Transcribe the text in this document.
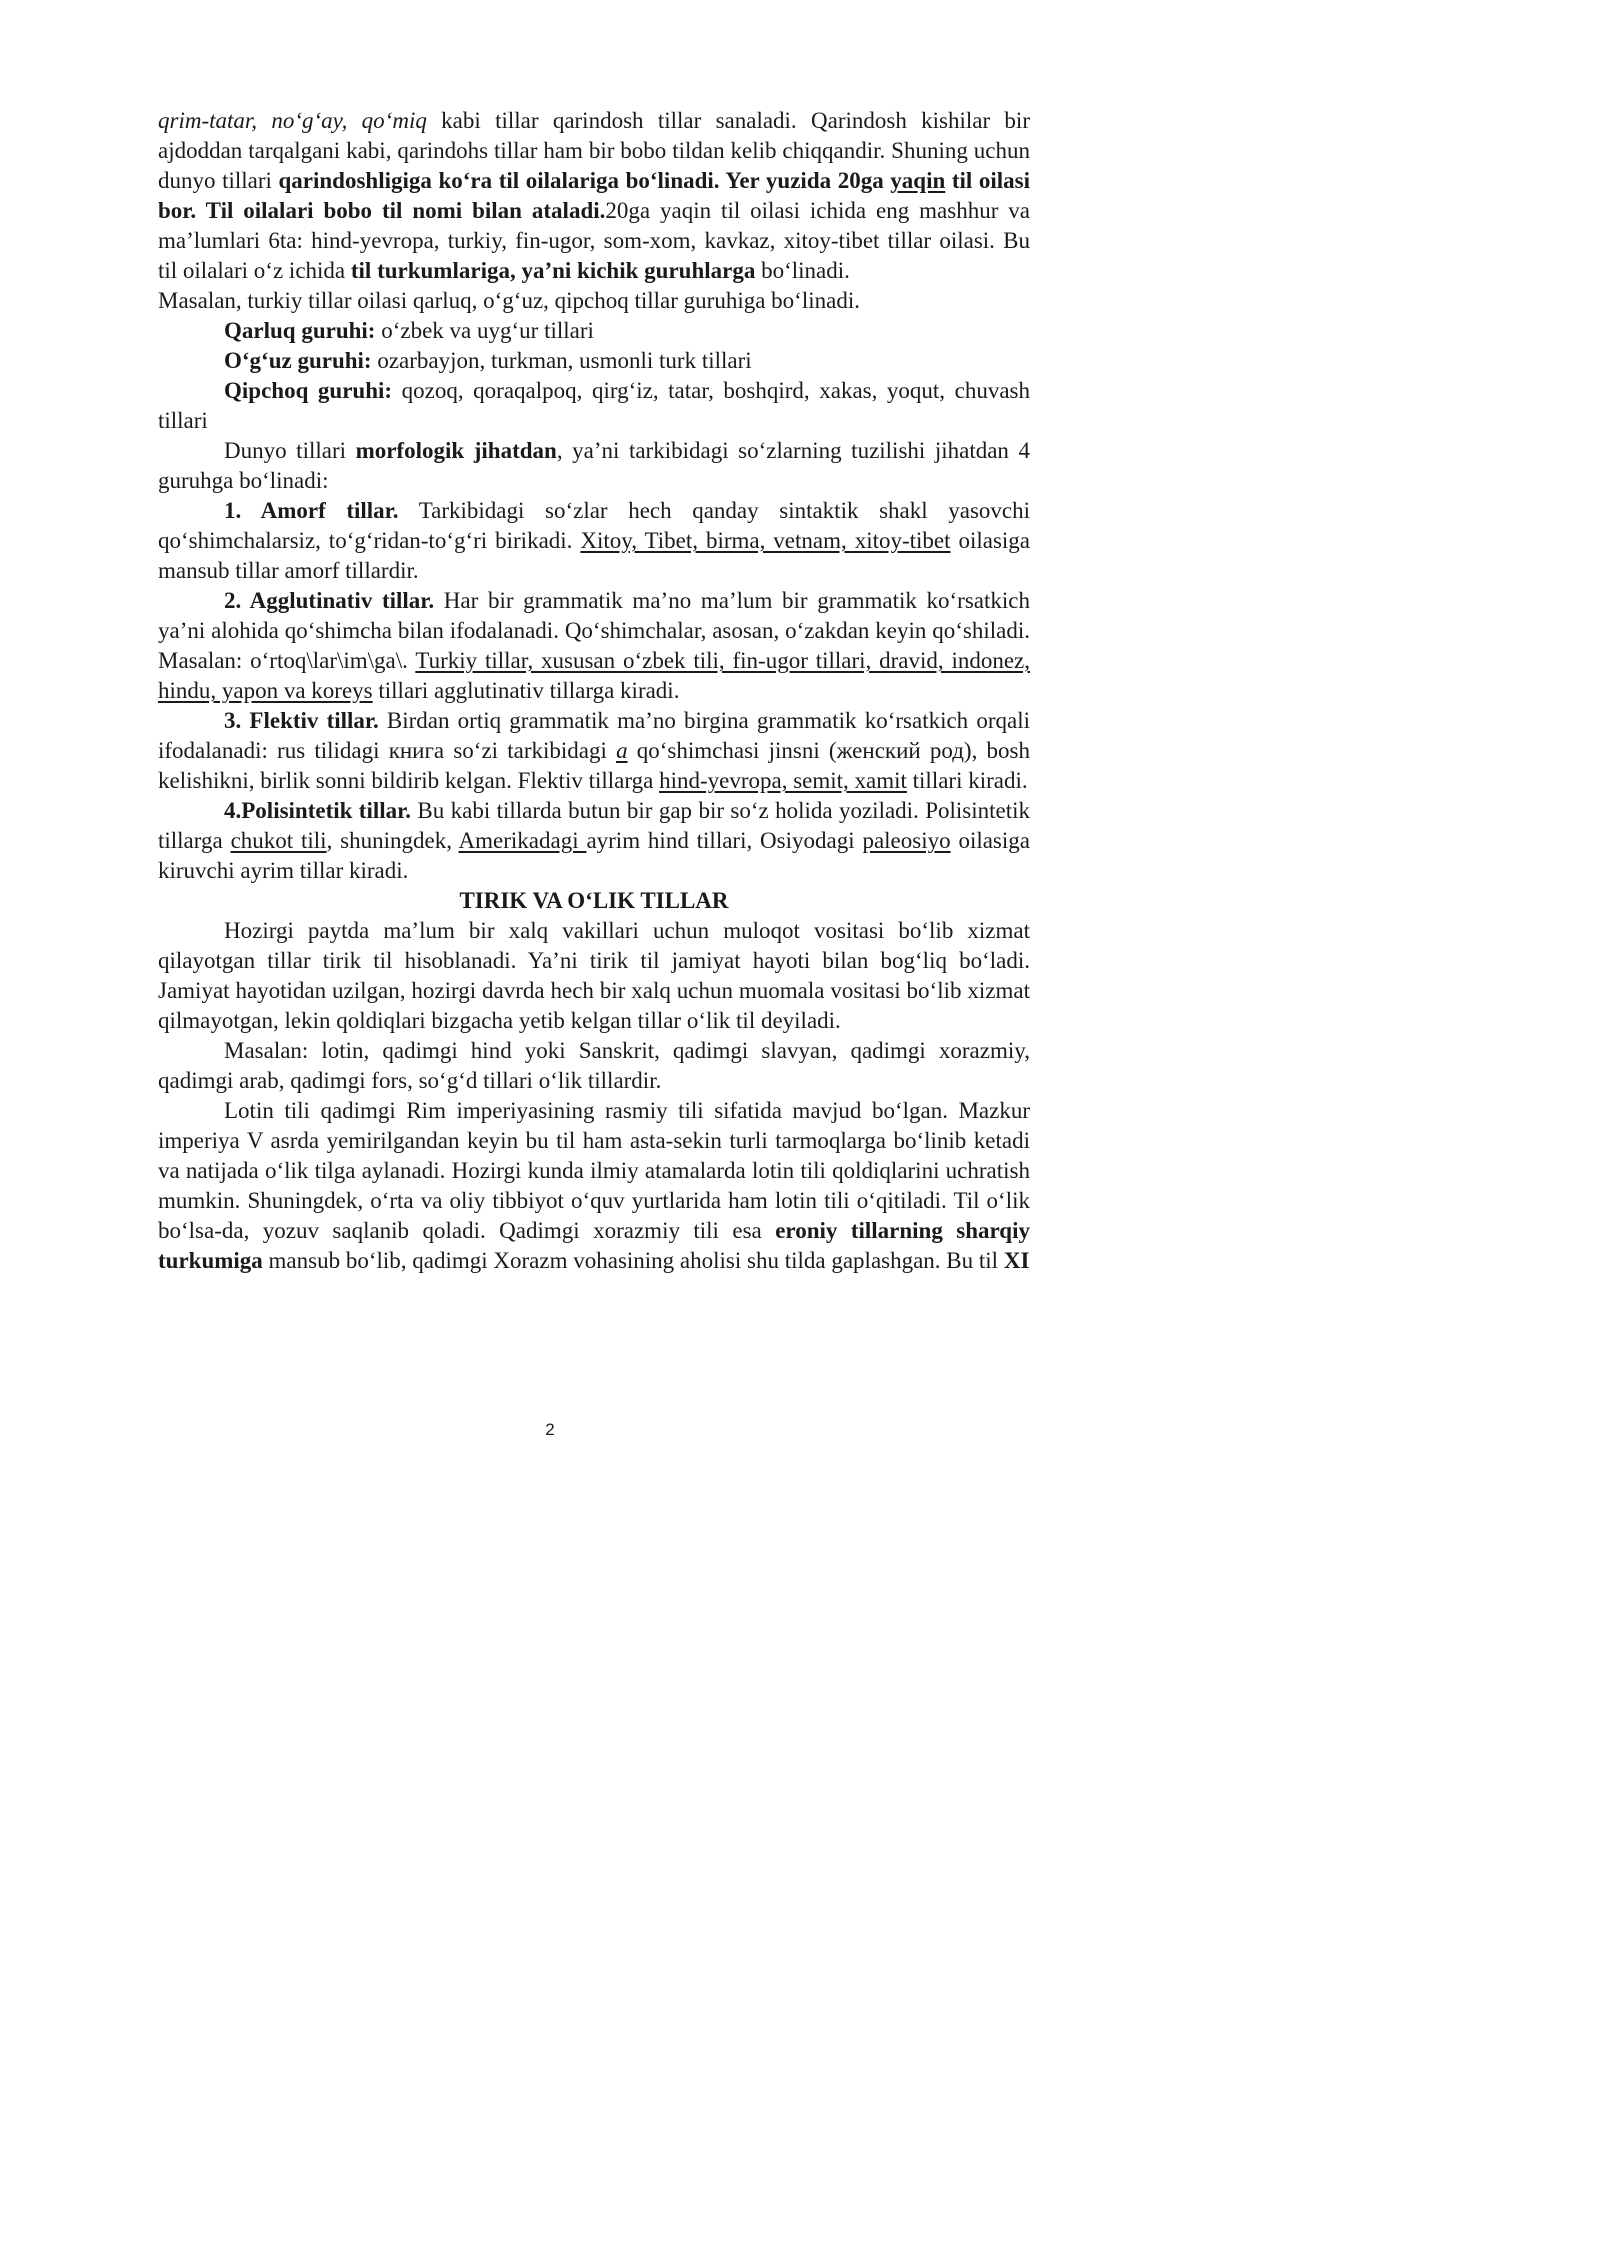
qrim-tatar, no‘g‘ay, qo‘miq kabi tillar qarindosh tillar sanaladi. Qarindosh kishilar bir ajdoddan tarqalgani kabi, qarindohs tillar ham bir bobo tildan kelib chiqqandir. Shuning uchun dunyo tillari qarindoshligiga ko‘ra til oilalariga bo‘linadi. Yer yuzida 20ga yaqin til oilasi bor. Til oilalari bobo til nomi bilan ataladi.20ga yaqin til oilasi ichida eng mashhur va ma’lumlari 6ta: hind-yevropa, turkiy, fin-ugor, som-xom, kavkaz, xitoy-tibet tillar oilasi. Bu til oilalari o‘z ichida til turkumlariga, ya’ni kichik guruhlarga bo‘linadi.

Masalan, turkiy tillar oilasi qarluq, o‘g‘uz, qipchoq tillar guruhiga bo‘linadi.

Qarluq guruhi: o‘zbek va uyg‘ur tillari

O‘g‘uz guruhi: ozarbayjon, turkman, usmonli turk tillari

Qipchoq guruhi: qozoq, qoraqalpoq, qirg‘iz, tatar, boshqird, xakas, yoqut, chuvash tillari

Dunyo tillari morfologik jihatdan, ya’ni tarkibidagi so‘zlarning tuzilishi jihatdan 4 guruhga bo‘linadi:

1. Amorf tillar. Tarkibidagi so‘zlar hech qanday sintaktik shakl yasovchi qo‘shimchalarsiz, to‘g‘ridan-to‘g‘ri birikadi. Xitoy, Tibet, birma, vetnam, xitoy-tibet oilasiga mansub tillar amorf tillardir.

2. Agglutinativ tillar. Har bir grammatik ma’no ma’lum bir grammatik ko‘rsatkich ya’ni alohida qo‘shimcha bilan ifodalanadi. Qo‘shimchalar, asosan, o‘zakdan keyin qo‘shiladi. Masalan: o‘rtoq\lar\im\ga\. Turkiy tillar, xususan o‘zbek tili, fin-ugor tillari, dravid, indonez, hindu, yapon va koreys tillari agglutinativ tillarga kiradi.

3. Flektiv tillar. Birdan ortiq grammatik ma’no birgina grammatik ko‘rsatkich orqali ifodalanadi: rus tilidagi книга so‘zi tarkibidagi а qo‘shimchasi jinsni (женский род), bosh kelishikni, birlik sonni bildirib kelgan. Flektiv tillarga hind-yevropa, semit, xamit tillari kiradi.

4.Polisintetik tillar. Bu kabi tillarda butun bir gap bir so‘z holida yoziladi. Polisintetik tillarga chukot tili, shuningdek, Amerikadagi ayrim hind tillari, Osiyodagi paleosiyo oilasiga kiruvchi ayrim tillar kiradi.

TIRIK VA O‘LIK TILLAR

Hozirgi paytda ma’lum bir xalq vakillari uchun muloqot vositasi bo‘lib xizmat qilayotgan tillar tirik til hisoblanadi. Ya’ni tirik til jamiyat hayoti bilan bog‘liq bo‘ladi. Jamiyat hayotidan uzilgan, hozirgi davrda hech bir xalq uchun muomala vositasi bo‘lib xizmat qilmayotgan, lekin qoldiqlari bizgacha yetib kelgan tillar o‘lik til deyiladi.

Masalan: lotin, qadimgi hind yoki Sanskrit, qadimgi slavyan, qadimgi xorazmiy, qadimgi arab, qadimgi fors, so‘g‘d tillari o‘lik tillardir.

Lotin tili qadimgi Rim imperiyasining rasmiy tili sifatida mavjud bo‘lgan. Mazkur imperiya V asrda yemirilgandan keyin bu til ham asta-sekin turli tarmoqlarga bo‘linib ketadi va natijada o‘lik tilga aylanadi. Hozirgi kunda ilmiy atamalarda lotin tili qoldiqlarini uchratish mumkin. Shuningdek, o‘rta va oliy tibbiyot o‘quv yurtlarida ham lotin tili o‘qitiladi. Til o‘lik bo‘lsa-da, yozuv saqlanib qoladi. Qadimgi xorazmiy tili esa eroniy tillarning sharqiy turkumiga mansub bo‘lib, qadimgi Xorazm vohasining aholisi shu tilda gaplashgan. Bu til XI

2
